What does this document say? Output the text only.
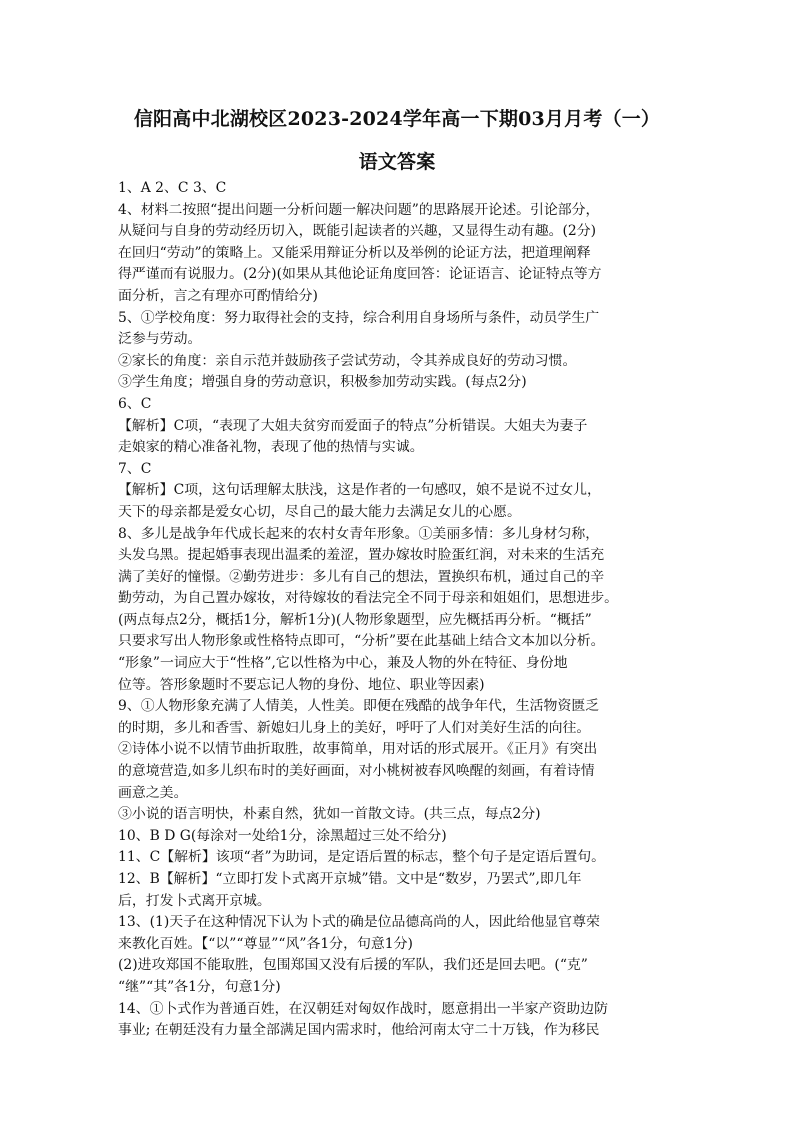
信阳高中北湖校区2023-2024学年高一下期03月月考（一）
语文答案
1、A 2、C 3、C
4、材料二按照“提出问题一分析问题一解决问题”的思路展开论述。引论部分，
从疑问与自身的劳动经历切入，既能引起读者的兴趣，又显得生动有趣。(2分)
在回归“劳动”的策略上。又能采用辩证分析以及举例的论证方法，把道理阐释
得严谨而有说服力。(2分)(如果从其他论证角度回答：论证语言、论证特点等方
面分析，言之有理亦可酌情给分)
5、①学校角度：努力取得社会的支持，综合利用自身场所与条件，动员学生广
泛参与劳动。
②家长的角度：亲自示范并鼓励孩子尝试劳动，令其养成良好的劳动习惯。
③学生角度；增强自身的劳动意识，积极参加劳动实践。(每点2分)
6、C
【解析】C项，“表现了大姐夫贫穷而爱面子的特点”分析错误。大姐夫为妻子
走娘家的精心准备礼物，表现了他的热情与实诚。
7、C
【解析】C项，这句话理解太肤浅，这是作者的一句感叹，娘不是说不过女儿，
天下的母亲都是爱女心切，尽自己的最大能力去满足女儿的心愿。
8、多儿是战争年代成长起来的农村女青年形象。①美丽多情：多儿身材匀称，
头发乌黑。提起婚事表现出温柔的羞涩，置办嫁妆时脸蛋红润，对未来的生活充
满了美好的憧憬。②勤劳进步：多儿有自己的想法，置换织布机，通过自己的辛
勤劳动，为自己置办嫁妆，对待嫁妆的看法完全不同于母亲和姐姐们，思想进步。
(两点每点2分，概括1分，解析1分)(人物形象题型，应先概括再分析。“概括”
只要求写出人物形象或性格特点即可，“分析”要在此基础上结合文本加以分析。
“形象”一词应大于“性格”,它以性格为中心，兼及人物的外在特征、身份地
位等。答形象题时不要忘记人物的身份、地位、职业等因素)
9、①人物形象充满了人情美，人性美。即便在残酷的战争年代，生活物资匮乏
的时期，多儿和香雪、新媳妇儿身上的美好，呼吁了人们对美好生活的向往。
②诗体小说不以情节曲折取胜，故事简单，用对话的形式展开。《正月》有突出
的意境营造,如多儿织布时的美好画面，对小桃树被春风唤醒的刻画，有着诗情
画意之美。
③小说的语言明快，朴素自然，犹如一首散文诗。(共三点，每点2分)
10、B D G(每涂对一处给1分，涂黑超过三处不给分)
11、C【解析】该项“者”为助词，是定语后置的标志，整个句子是定语后置句。
12、B【解析】“立即打发卜式离开京城”错。文中是“数岁，乃罢式”,即几年
后，打发卜式离开京城。
13、(1)天子在这种情况下认为卜式的确是位品德高尚的人，因此给他显官尊荣
来教化百姓。【“以”“尊显”“风”各1分，句意1分)
(2)进攻郑国不能取胜，包围郑国又没有后援的军队，我们还是回去吧。(“克”
“继”“其”各1分，句意1分)
14、①卜式作为普通百姓，在汉朝廷对匈奴作战时，愿意捐出一半家产资助边防
事业; 在朝廷没有力量全部满足国内需求时，他给河南太守二十万钱，作为移民
